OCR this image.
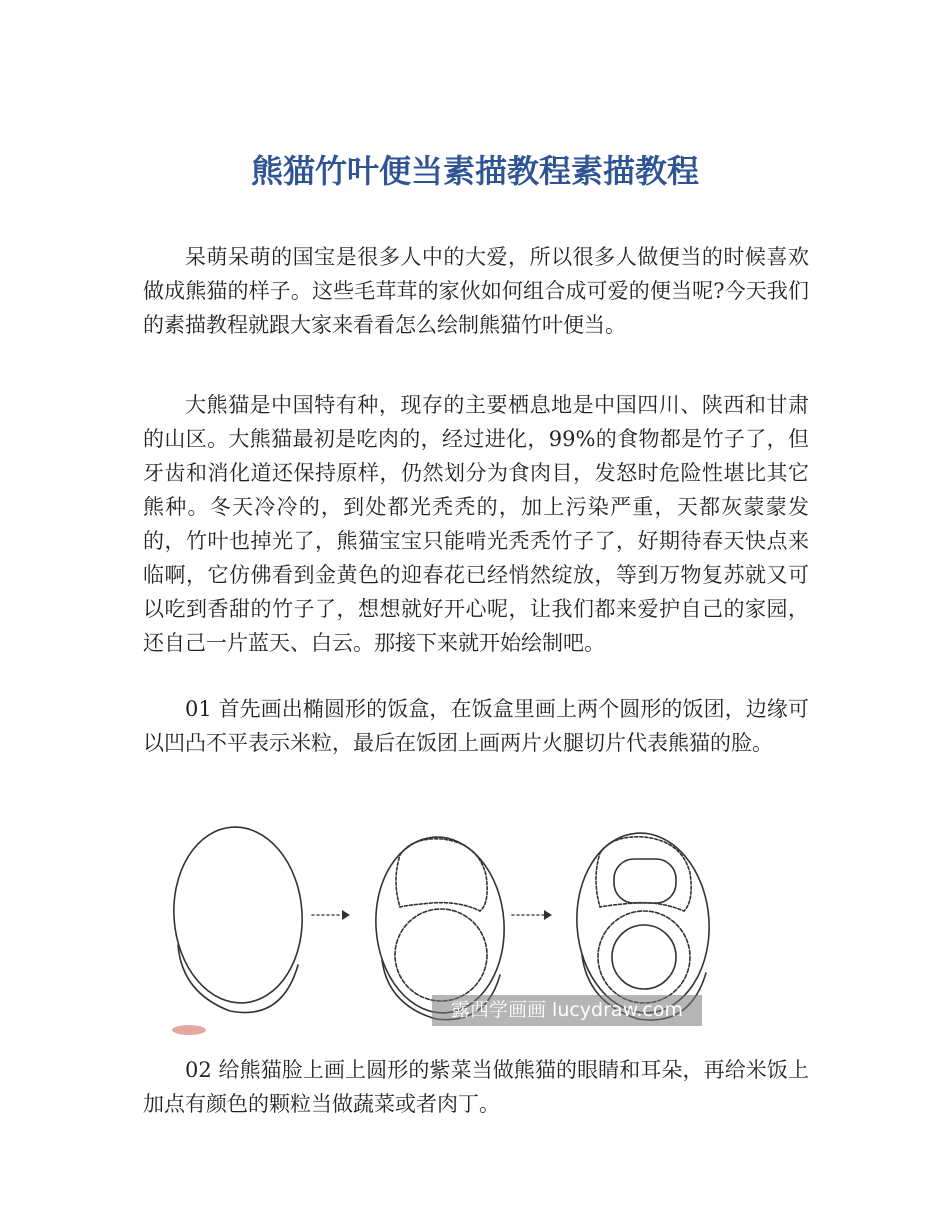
熊猫竹叶便当素描教程素描教程

呆萌呆萌的国宝是很多人中的大爱，所以很多人做便当的时候喜欢做成熊猫的样子。这些毛茸茸的家伙如何组合成可爱的便当呢?今天我们的素描教程就跟大家来看看怎么绘制熊猫竹叶便当。

大熊猫是中国特有种，现存的主要栖息地是中国四川、陕西和甘肃的山区。大熊猫最初是吃肉的，经过进化，99%的食物都是竹子了，但牙齿和消化道还保持原样，仍然划分为食肉目，发怒时危险性堪比其它熊种。冬天冷冷的，到处都光秃秃的，加上污染严重，天都灰蒙蒙发的，竹叶也掉光了，熊猫宝宝只能啃光秃秃竹子了，好期待春天快点来临啊，它仿佛看到金黄色的迎春花已经悄然绽放，等到万物复苏就又可以吃到香甜的竹子了，想想就好开心呢，让我们都来爱护自己的家园，还自己一片蓝天、白云。那接下来就开始绘制吧。

01 首先画出椭圆形的饭盒，在饭盒里画上两个圆形的饭团，边缘可以凹凸不平表示米粒，最后在饭团上画两片火腿切片代表熊猫的脸。

露西学画画 lucydraw.com

02 给熊猫脸上画上圆形的紫菜当做熊猫的眼睛和耳朵，再给米饭上加点有颜色的颗粒当做蔬菜或者肉丁。
